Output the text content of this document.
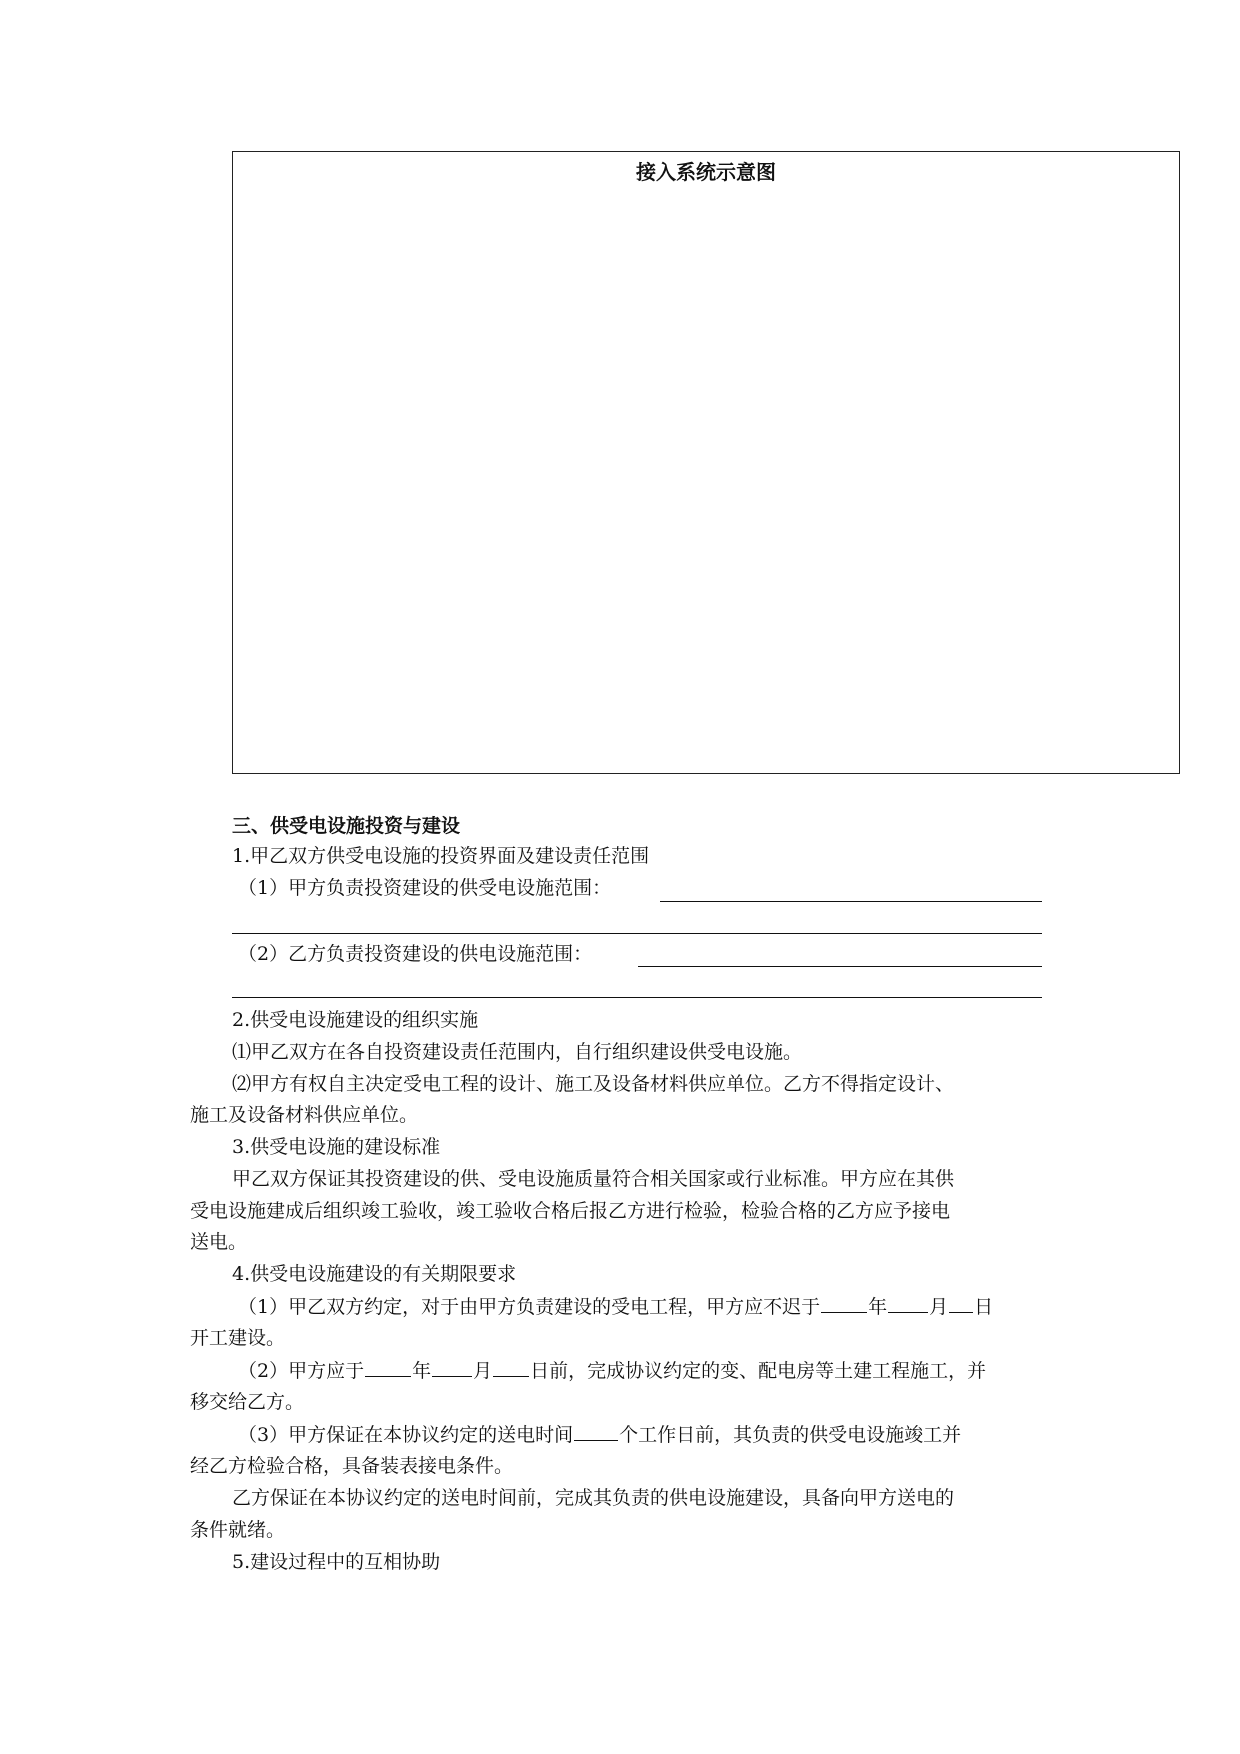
接入系统示意图
三、供受电设施投资与建设
1.甲乙双方供受电设施的投资界面及建设责任范围
（1）甲方负责投资建设的供受电设施范围：
（2）乙方负责投资建设的供电设施范围：
2.供受电设施建设的组织实施
⑴甲乙双方在各自投资建设责任范围内，自行组织建设供受电设施。
⑵甲方有权自主决定受电工程的设计、施工及设备材料供应单位。乙方不得指定设计、
施工及设备材料供应单位。
3.供受电设施的建设标准
甲乙双方保证其投资建设的供、受电设施质量符合相关国家或行业标准。甲方应在其供
受电设施建成后组织竣工验收，竣工验收合格后报乙方进行检验，检验合格的乙方应予接电
送电。
4.供受电设施建设的有关期限要求
（1）甲乙双方约定，对于由甲方负责建设的受电工程，甲方应不迟于	年 月 日
开工建设。
（2）甲方应于	年 月 日前，完成协议约定的变、配电房等土建工程施工，并
移交给乙方。
（3）甲方保证在本协议约定的送电时间 个工作日前，其负责的供受电设施竣工并
经乙方检验合格，具备装表接电条件。
乙方保证在本协议约定的送电时间前，完成其负责的供电设施建设，具备向甲方送电的
条件就绪。
5.建设过程中的互相协助
